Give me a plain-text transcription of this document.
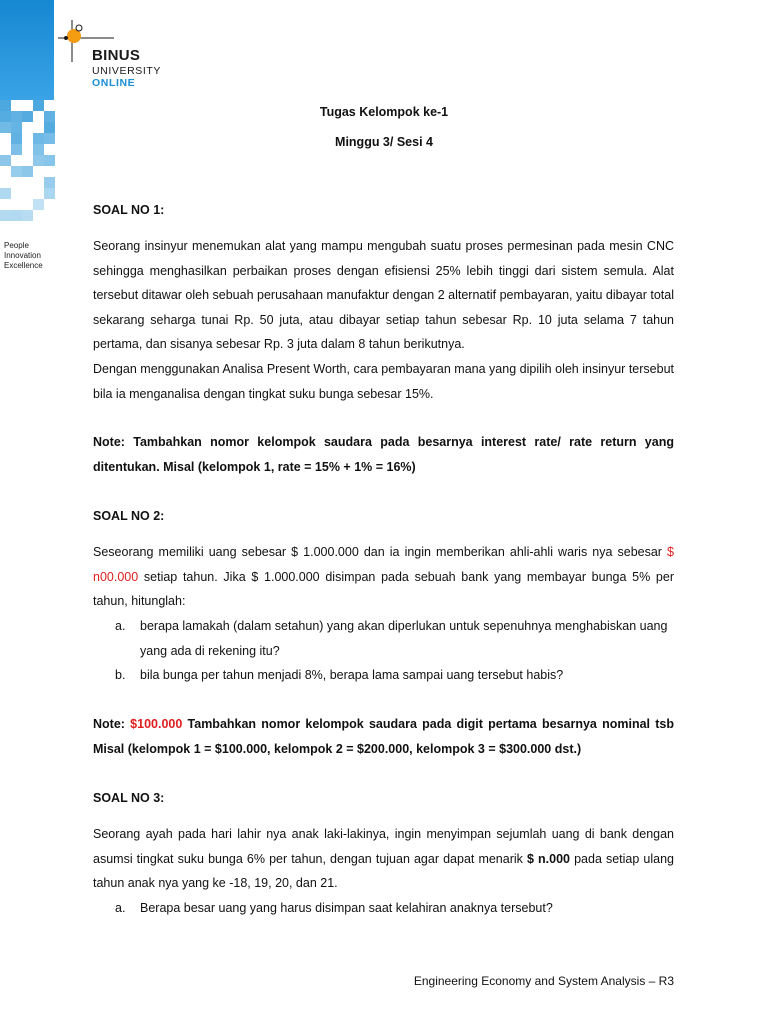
BINUS
UNIVERSITY
ONLINE
People
Innovation
Excellence
Tugas Kelompok ke-1
Minggu 3/ Sesi 4
SOAL NO 1:
Seorang insinyur menemukan alat yang mampu mengubah suatu proses permesinan pada mesin CNC sehingga menghasilkan perbaikan proses dengan efisiensi 25% lebih tinggi dari sistem semula. Alat tersebut ditawar oleh sebuah perusahaan manufaktur dengan 2 alternatif pembayaran, yaitu dibayar total sekarang seharga tunai Rp. 50 juta, atau dibayar setiap tahun sebesar Rp. 10 juta selama 7 tahun pertama, dan sisanya sebesar Rp. 3 juta dalam 8 tahun berikutnya.
Dengan menggunakan Analisa Present Worth, cara pembayaran mana yang dipilih oleh insinyur tersebut bila ia menganalisa dengan tingkat suku bunga sebesar 15%.
Note: Tambahkan nomor kelompok saudara pada besarnya interest rate/ rate return yang ditentukan. Misal (kelompok 1, rate = 15% + 1% = 16%)
SOAL NO 2:
Seseorang memiliki uang sebesar $ 1.000.000 dan ia ingin memberikan ahli-ahli waris nya sebesar $ n00.000 setiap tahun. Jika $ 1.000.000 disimpan pada sebuah bank yang membayar bunga 5% per tahun, hitunglah:
a. berapa lamakah (dalam setahun) yang akan diperlukan untuk sepenuhnya menghabiskan uang yang ada di rekening itu?
b. bila bunga per tahun menjadi 8%, berapa lama sampai uang tersebut habis?
Note: $100.000 Tambahkan nomor kelompok saudara pada digit pertama besarnya nominal tsb Misal (kelompok 1 = $100.000, kelompok 2 = $200.000, kelompok 3 = $300.000 dst.)
SOAL NO 3:
Seorang ayah pada hari lahir nya anak laki-lakinya, ingin menyimpan sejumlah uang di bank dengan asumsi tingkat suku bunga 6% per tahun, dengan tujuan agar dapat menarik $ n.000 pada setiap ulang tahun anak nya yang ke -18, 19, 20, dan 21.
a. Berapa besar uang yang harus disimpan saat kelahiran anaknya tersebut?
Engineering Economy and System Analysis – R3
